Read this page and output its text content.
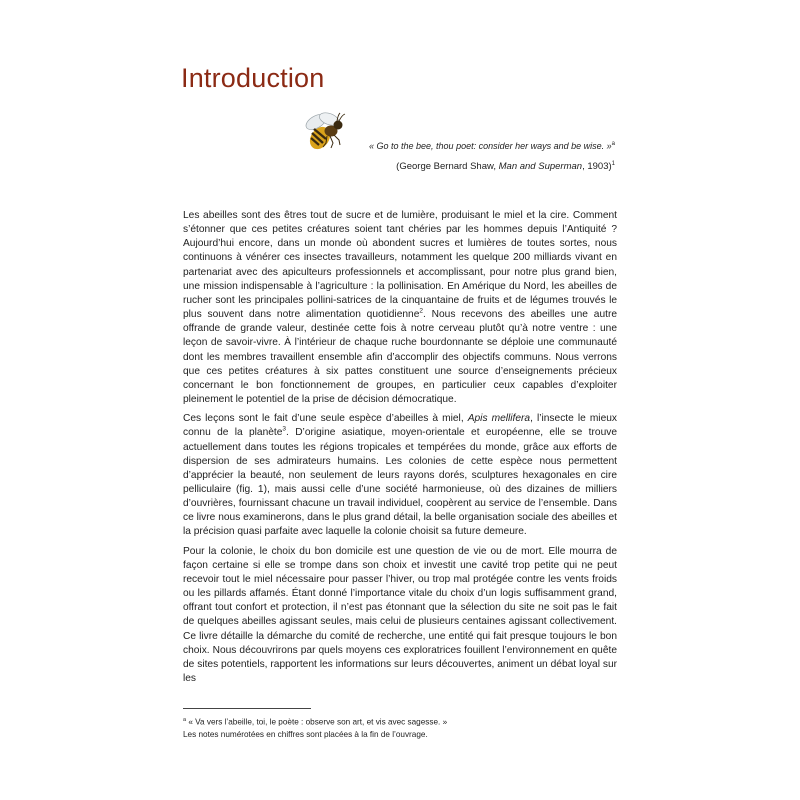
Introduction
« Go to the bee, thou poet: consider her ways and be wise. »$^a$
(George Bernard Shaw, Man and Superman, 1903)$^1$

Les abeilles sont des êtres tout de sucre et de lumière, produisant le miel et la cire. Comment s’étonner que ces petites créatures soient tant chéries par les hommes depuis l’Antiquité ? Aujourd’hui encore, dans un monde où abondent sucres et lumières de toutes sortes, nous continuons à vénérer ces insectes travailleurs, notamment les quelque 200 milliards vivant en partenariat avec des apiculteurs professionnels et accomplissant, pour notre plus grand bien, une mission indispensable à l’agriculture : la pollinisation. En Amérique du Nord, les abeilles de rucher sont les principales pollini-satrices de la cinquantaine de fruits et de légumes trouvés le plus souvent dans notre alimentation quotidienne$^2$. Nous recevons des abeilles une autre offrande de grande valeur, destinée cette fois à notre cerveau plutôt qu’à notre ventre : une leçon de savoir-vivre. À l’intérieur de chaque ruche bourdonnante se déploie une communauté dont les membres travaillent ensemble afin d’accomplir des objectifs communs. Nous verrons que ces petites créatures à six pattes constituent une source d’enseignements précieux concernant le bon fonctionnement de groupes, en particulier ceux capables d’exploiter pleinement le potentiel de la prise de décision démocratique.

Ces leçons sont le fait d’une seule espèce d’abeilles à miel, Apis mellifera, l’insecte le mieux connu de la planète$^3$. D’origine asiatique, moyen-orientale et européenne, elle se trouve actuellement dans toutes les régions tropicales et tempérées du monde, grâce aux efforts de dispersion de ses admirateurs humains. Les colonies de cette espèce nous permettent d’apprécier la beauté, non seulement de leurs rayons dorés, sculptures hexagonales en cire pelliculaire (fig. 1), mais aussi celle d’une société harmonieuse, où des dizaines de milliers d’ouvrières, fournissant chacune un travail individuel, coopèrent au service de l’ensemble. Dans ce livre nous examinerons, dans le plus grand détail, la belle organisation sociale des abeilles et la précision quasi parfaite avec laquelle la colonie choisit sa future demeure.

Pour la colonie, le choix du bon domicile est une question de vie ou de mort. Elle mourra de façon certaine si elle se trompe dans son choix et investit une cavité trop petite qui ne peut recevoir tout le miel nécessaire pour passer l’hiver, ou trop mal protégée contre les vents froids ou les pillards affamés. Étant donné l’importance vitale du choix d’un logis suffisamment grand, offrant tout confort et protection, il n’est pas étonnant que la sélection du site ne soit pas le fait de quelques abeilles agissant seules, mais celui de plusieurs centaines agissant collectivement. Ce livre détaille la démarche du comité de recherche, une entité qui fait presque toujours le bon choix. Nous découvrirons par quels moyens ces exploratrices fouillent l’environnement en quête de sites potentiels, rapportent les informations sur leurs découvertes, animent un débat loyal sur les

$^a$ « Va vers l’abeille, toi, le poète : observe son art, et vis avec sagesse. »
Les notes numérotées en chiffres sont placées à la fin de l’ouvrage.
